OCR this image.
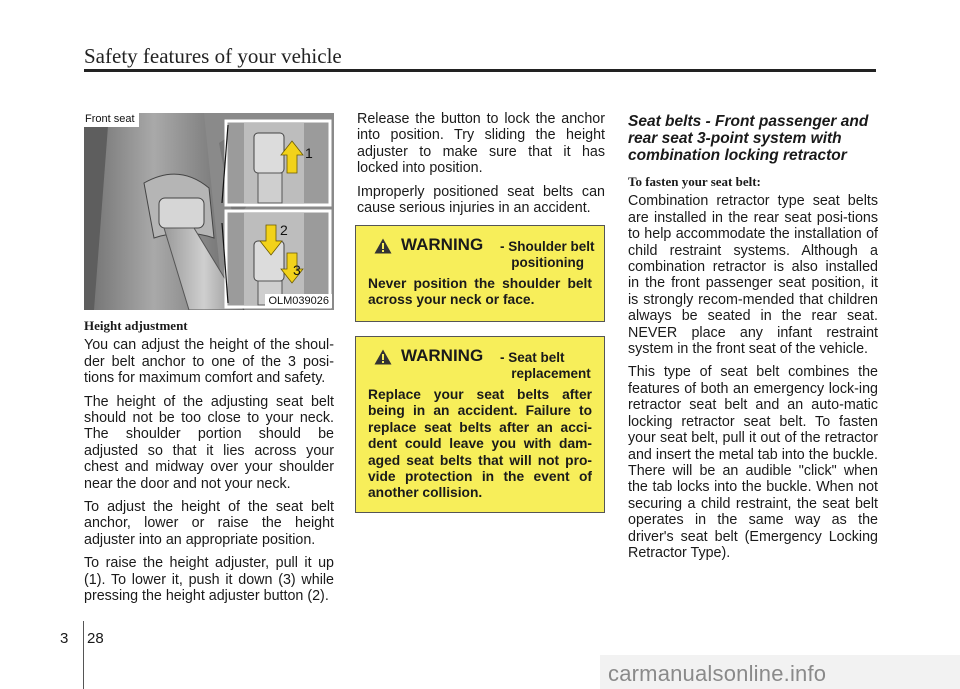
Safety features of your vehicle
1
2
3
Front seat
OLM039026
Height adjustment

You can adjust the height of the shoul-der belt anchor to one of the 3 posi-tions for maximum comfort and safety.

The height of the adjusting seat belt should not be too close to your neck. The shoulder portion should be adjusted so that it lies across your chest and midway over your shoulder near the door and not your neck.

To adjust the height of the seat belt anchor, lower or raise the height adjuster into an appropriate position.

To raise the height adjuster, pull it up (1). To lower it, push it down (3) while pressing the height adjuster button (2).

Release the button to lock the anchor into position. Try sliding the height adjuster to make sure that it has locked into position.

Improperly positioned seat belts can cause serious injuries in an accident.

WARNING - Shoulder belt
positioning
Never position the shoulder belt across your neck or face.
WARNING - Seat belt
replacement
Replace your seat belts after being in an accident. Failure to replace seat belts after an acci-dent could leave you with dam-aged seat belts that will not pro-vide protection in the event of another collision.
Seat belts - Front passenger and rear seat 3-point system with combination locking retractor
To fasten your seat belt:

Combination retractor type seat belts are installed in the rear seat posi-tions to help accommodate the installation of child restraint systems. Although a combination retractor is also installed in the front passenger seat position, it is strongly recom-mended that children always be seated in the rear seat. NEVER place any infant restraint system in the front seat of the vehicle.

This type of seat belt combines the features of both an emergency lock-ing retractor seat belt and an auto-matic locking retractor seat belt. To fasten your seat belt, pull it out of the retractor and insert the metal tab into the buckle. There will be an audible "click" when the tab locks into the buckle. When not securing a child restraint, the seat belt operates in the same way as the driver's seat belt (Emergency Locking Retractor Type).

3 28
carmanualsonline.info
